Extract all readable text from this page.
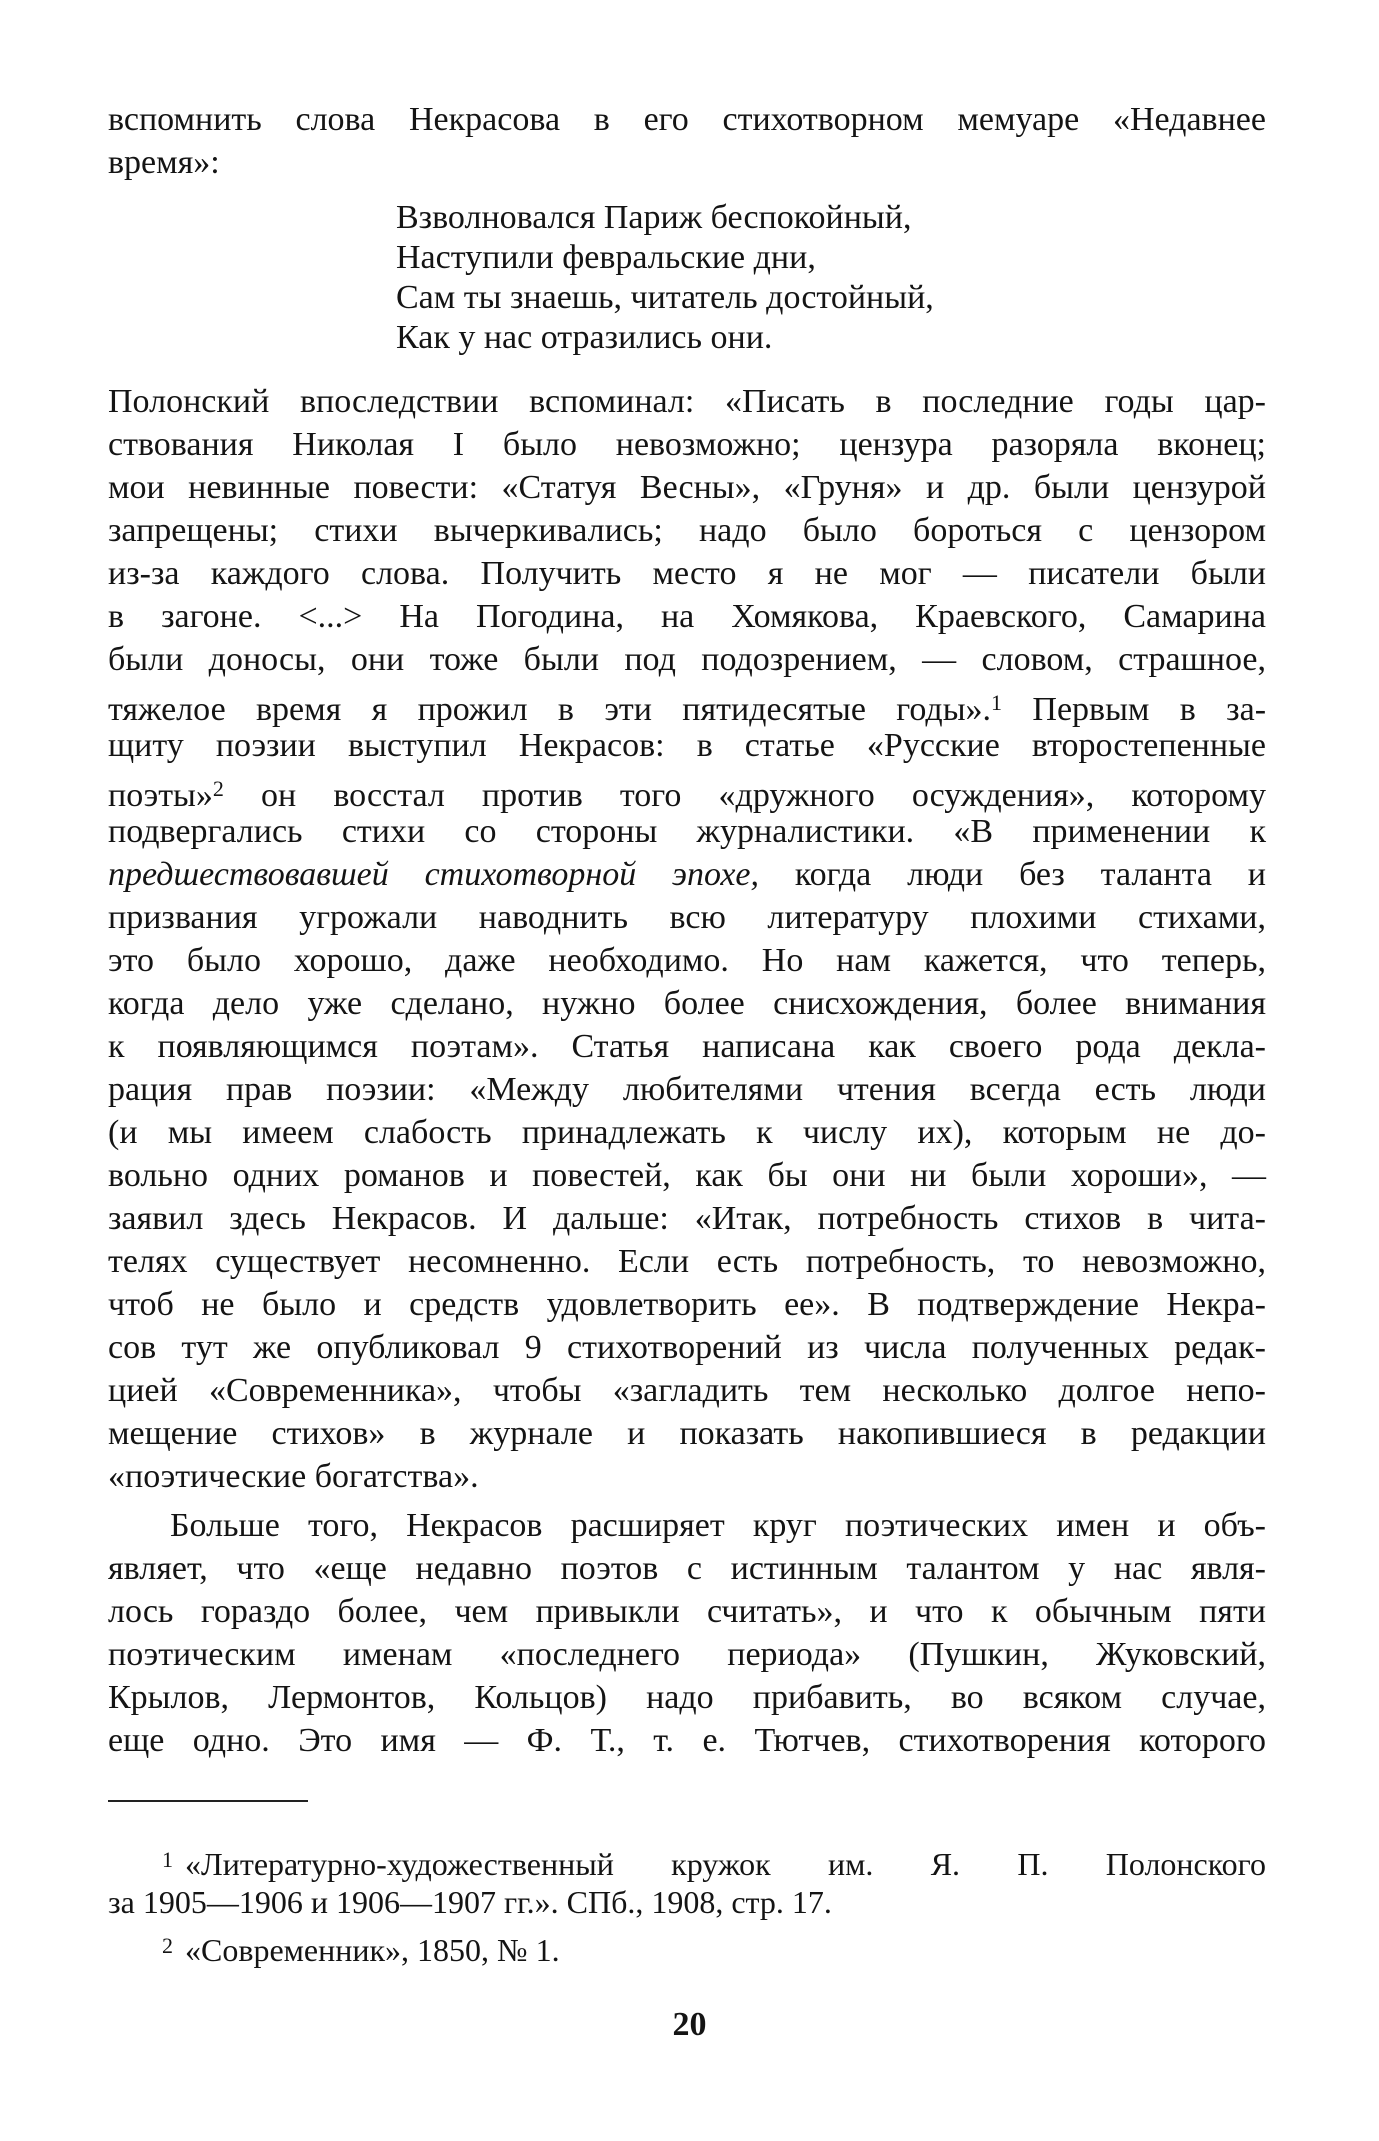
вспомнить слова Некрасова в его стихотворном мемуаре «Недавнее
время»:
Взволновался Париж беспокойный,
Наступили февральские дни,
Сам ты знаешь, читатель достойный,
Как у нас отразились они.
Полонский впоследствии вспоминал: «Писать в последние годы цар-
ствования Николая I было невозможно; цензура разоряла вконец;
мои невинные повести: «Статуя Весны», «Груня» и др. были цензурой
запрещены; стихи вычеркивались; надо было бороться с цензором
из-за каждого слова. Получить место я не мог — писатели были
в загоне. <...> На Погодина, на Хомякова, Краевского, Самарина
были доносы, они тоже были под подозрением, — словом, страшное,
тяжелое время я прожил в эти пятидесятые годы».$^1$ Первым в за-
щиту поэзии выступил Некрасов: в статье «Русские второстепенные
поэты»$^2$ он восстал против того «дружного осуждения», которому
подвергались стихи со стороны журналистики. «В применении к
предшествовавшей стихотворной эпохе, когда люди без таланта и
призвания угрожали наводнить всю литературу плохими стихами,
это было хорошо, даже необходимо. Но нам кажется, что теперь,
когда дело уже сделано, нужно более снисхождения, более внимания
к появляющимся поэтам». Статья написана как своего рода декла-
рация прав поэзии: «Между любителями чтения всегда есть люди
(и мы имеем слабость принадлежать к числу их), которым не до-
вольно одних романов и повестей, как бы они ни были хороши», —
заявил здесь Некрасов. И дальше: «Итак, потребность стихов в чита-
телях существует несомненно. Если есть потребность, то невозможно,
чтоб не было и средств удовлетворить ее». В подтверждение Некра-
сов тут же опубликовал 9 стихотворений из числа полученных редак-
цией «Современника», чтобы «загладить тем несколько долгое непо-
мещение стихов» в журнале и показать накопившиеся в редакции
«поэтические богатства».
Больше того, Некрасов расширяет круг поэтических имен и объ-
являет, что «еще недавно поэтов с истинным талантом у нас явля-
лось гораздо более, чем привыкли считать», и что к обычным пяти
поэтическим именам «последнего периода» (Пушкин, Жуковский,
Крылов, Лермонтов, Кольцов) надо прибавить, во всяком случае,
еще одно. Это имя — Ф. Т., т. е. Тютчев, стихотворения которого
$^1$ «Литературно-художественный кружок им. Я. П. Полонского
за 1905—1906 и 1906—1907 гг.». СПб., 1908, стр. 17.
$^2$ «Современник», 1850, № 1.
20
